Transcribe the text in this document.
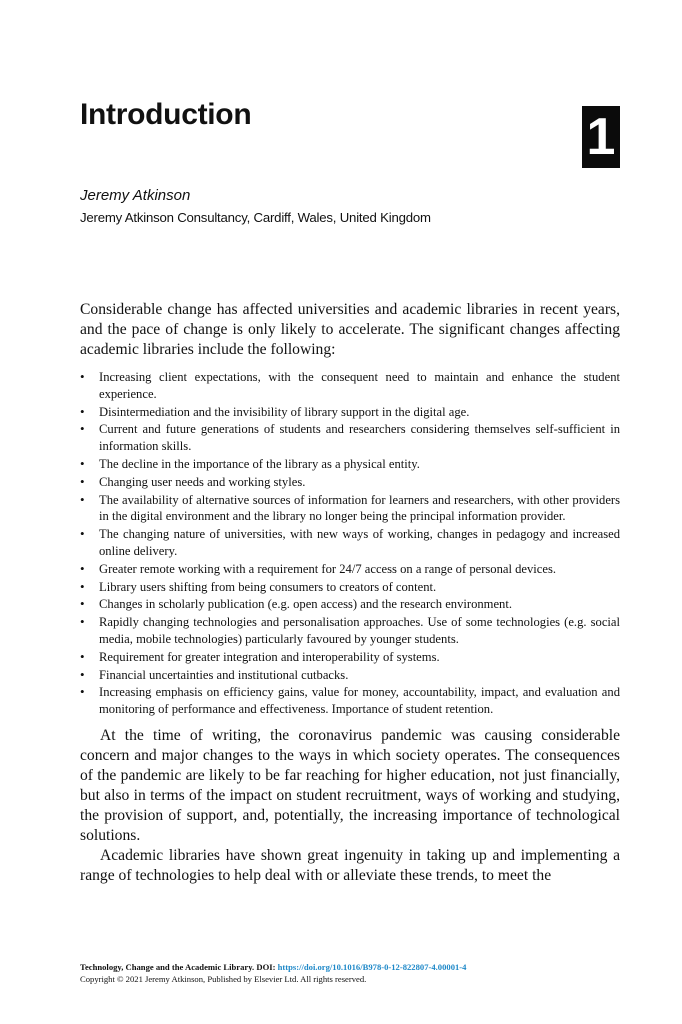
Introduction	1
Jeremy Atkinson
Jeremy Atkinson Consultancy, Cardiff, Wales, United Kingdom

Considerable change has affected universities and academic libraries in recent years, and the pace of change is only likely to accelerate. The significant changes affecting academic libraries include the following:

• Increasing client expectations, with the consequent need to maintain and enhance the student experience.
• Disintermediation and the invisibility of library support in the digital age.
• Current and future generations of students and researchers considering themselves self-sufficient in information skills.
• The decline in the importance of the library as a physical entity.
• Changing user needs and working styles.
• The availability of alternative sources of information for learners and researchers, with other providers in the digital environment and the library no longer being the principal information provider.
• The changing nature of universities, with new ways of working, changes in pedagogy and increased online delivery.
• Greater remote working with a requirement for 24/7 access on a range of personal devices.
• Library users shifting from being consumers to creators of content.
• Changes in scholarly publication (e.g. open access) and the research environment.
• Rapidly changing technologies and personalisation approaches. Use of some technologies (e.g. social media, mobile technologies) particularly favoured by younger students.
• Requirement for greater integration and interoperability of systems.
• Financial uncertainties and institutional cutbacks.
• Increasing emphasis on efficiency gains, value for money, accountability, impact, and evaluation and monitoring of performance and effectiveness. Importance of student retention.

At the time of writing, the coronavirus pandemic was causing considerable concern and major changes to the ways in which society operates. The consequences of the pandemic are likely to be far reaching for higher education, not just financially, but also in terms of the impact on student recruitment, ways of working and studying, the provision of support, and, potentially, the increasing importance of technological solutions.

Academic libraries have shown great ingenuity in taking up and implementing a range of technologies to help deal with or alleviate these trends, to meet the

Technology, Change and the Academic Library. DOI: https://doi.org/10.1016/B978-0-12-822807-4.00001-4
Copyright © 2021 Jeremy Atkinson, Published by Elsevier Ltd. All rights reserved.
